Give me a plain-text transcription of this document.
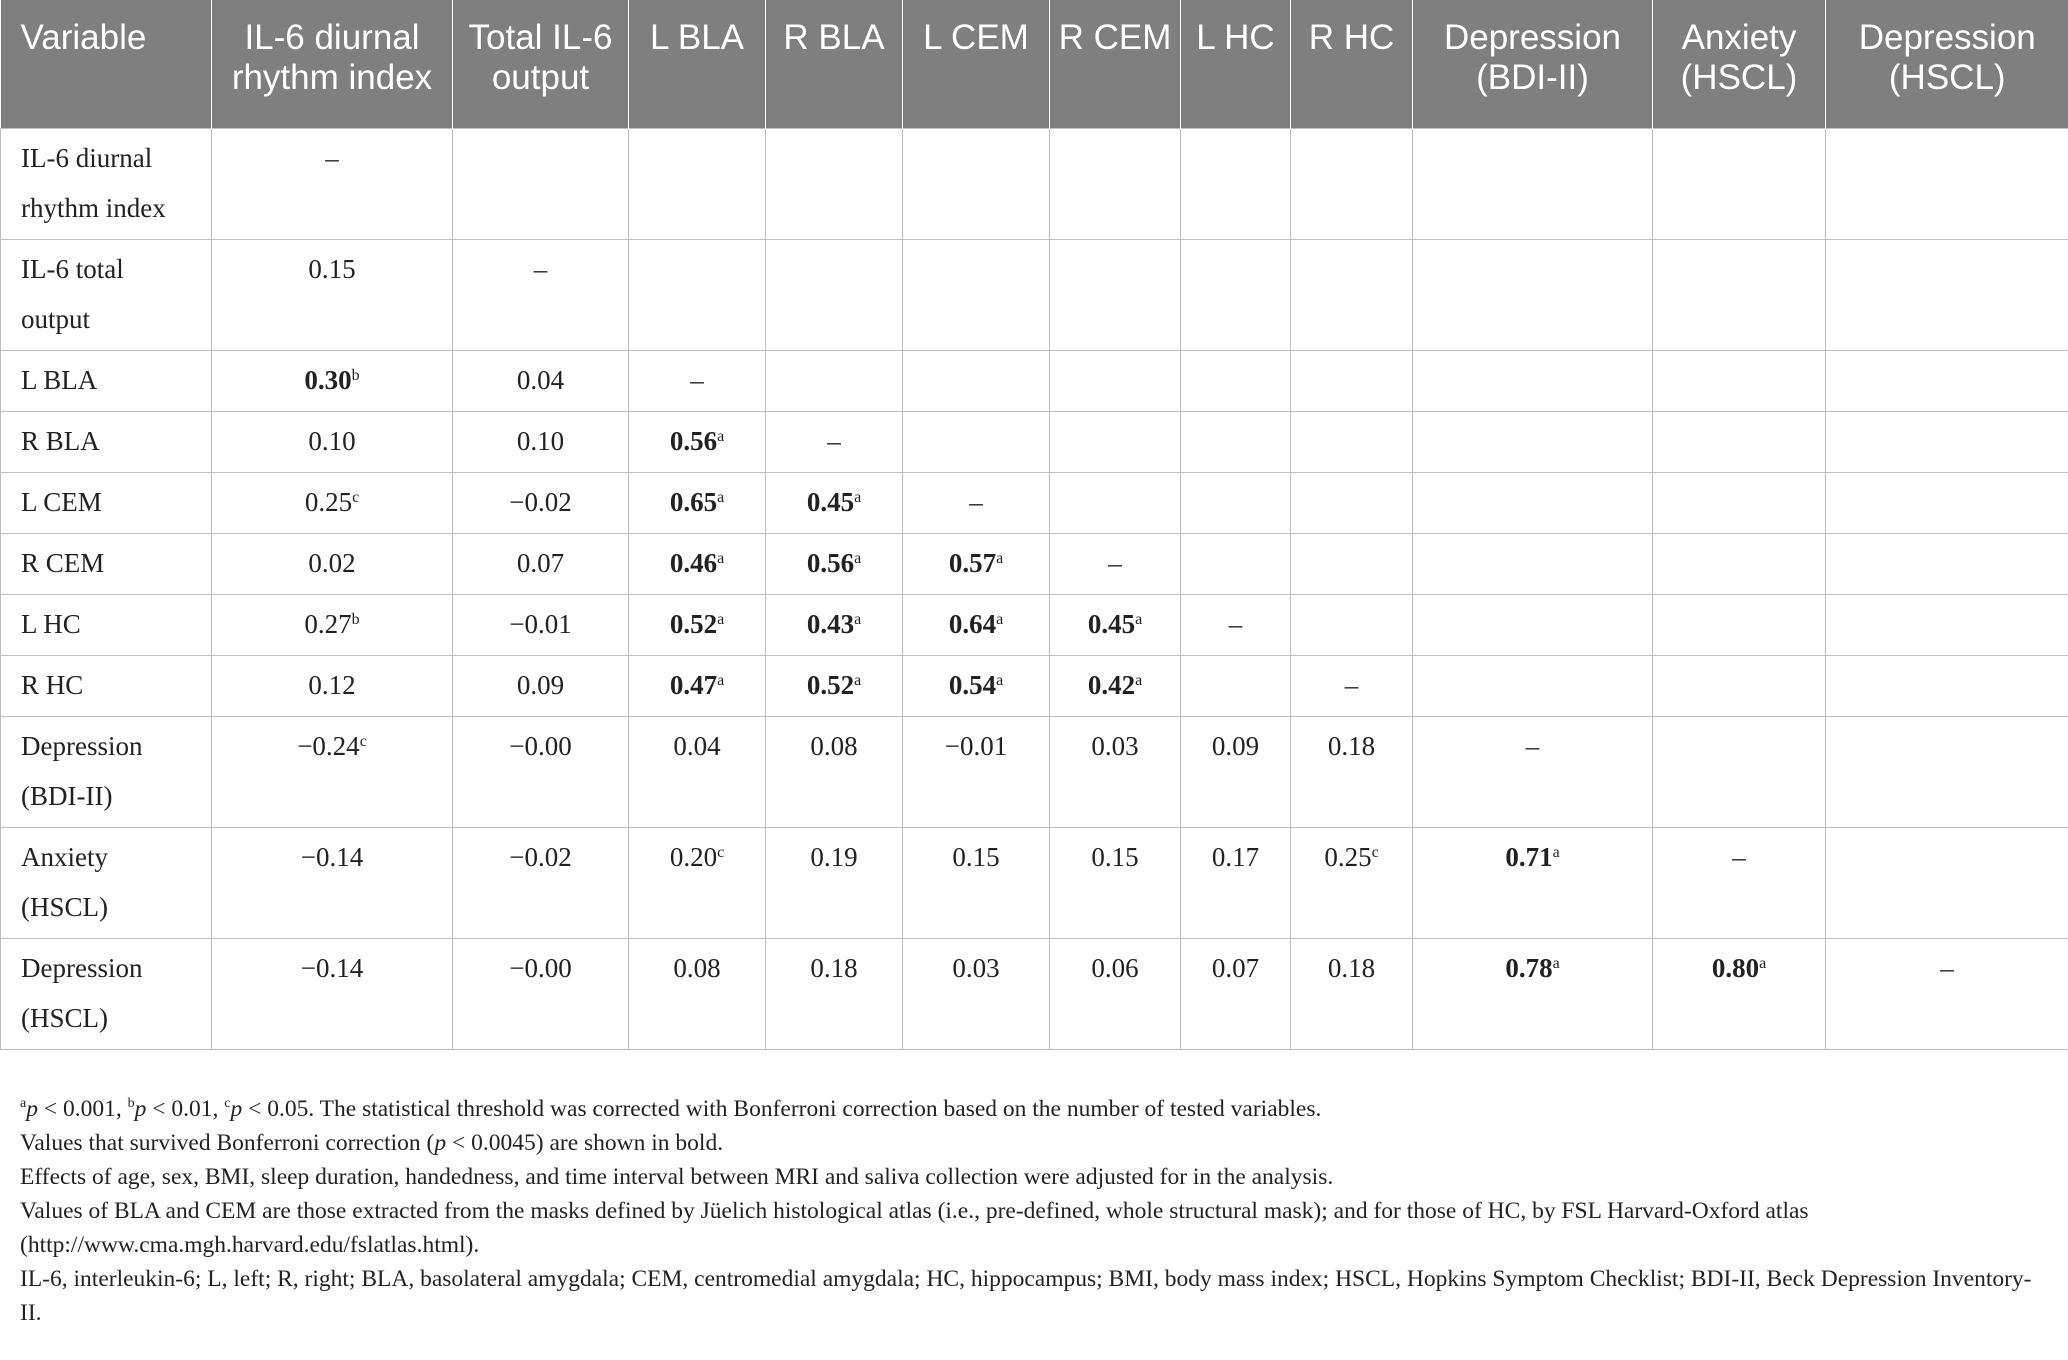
Variable	IL-6 diurnal rhythm index	Total IL-6 output	L BLA	R BLA	L CEM	R CEM	L HC	R HC	Depression (BDI-II)	Anxiety (HSCL)	Depression (HSCL)
IL-6 diurnal rhythm index	–										
IL-6 total output	0.15	–									
L BLA	0.30$^b$	0.04	–								
R BLA	0.10	0.10	0.56$^a$	–							
L CEM	0.25$^c$	−0.02	0.65$^a$	0.45$^a$	–						
R CEM	0.02	0.07	0.46$^a$	0.56$^a$	0.57$^a$	–					
L HC	0.27$^b$	−0.01	0.52$^a$	0.43$^a$	0.64$^a$	0.45$^a$	–				
R HC	0.12	0.09	0.47$^a$	0.52$^a$	0.54$^a$	0.42$^a$		–			
Depression (BDI-II)	−0.24$^c$	−0.00	0.04	0.08	−0.01	0.03	0.09	0.18	–		
Anxiety (HSCL)	−0.14	−0.02	0.20$^c$	0.19	0.15	0.15	0.17	0.25$^c$	0.71$^a$	–	
Depression (HSCL)	−0.14	−0.00	0.08	0.18	0.03	0.06	0.07	0.18	0.78$^a$	0.80$^a$	–

$^a$p < 0.001, $^b$p < 0.01, $^c$p < 0.05. The statistical threshold was corrected with Bonferroni correction based on the number of tested variables.

Values that survived Bonferroni correction (p < 0.0045) are shown in bold.

Effects of age, sex, BMI, sleep duration, handedness, and time interval between MRI and saliva collection were adjusted for in the analysis.

Values of BLA and CEM are those extracted from the masks defined by Jüelich histological atlas (i.e., pre-defined, whole structural mask); and for those of HC, by FSL Harvard-Oxford atlas (http://www.cma.mgh.harvard.edu/fslatlas.html).

IL-6, interleukin-6; L, left; R, right; BLA, basolateral amygdala; CEM, centromedial amygdala; HC, hippocampus; BMI, body mass index; HSCL, Hopkins Symptom Checklist; BDI-II, Beck Depression Inventory-II.
